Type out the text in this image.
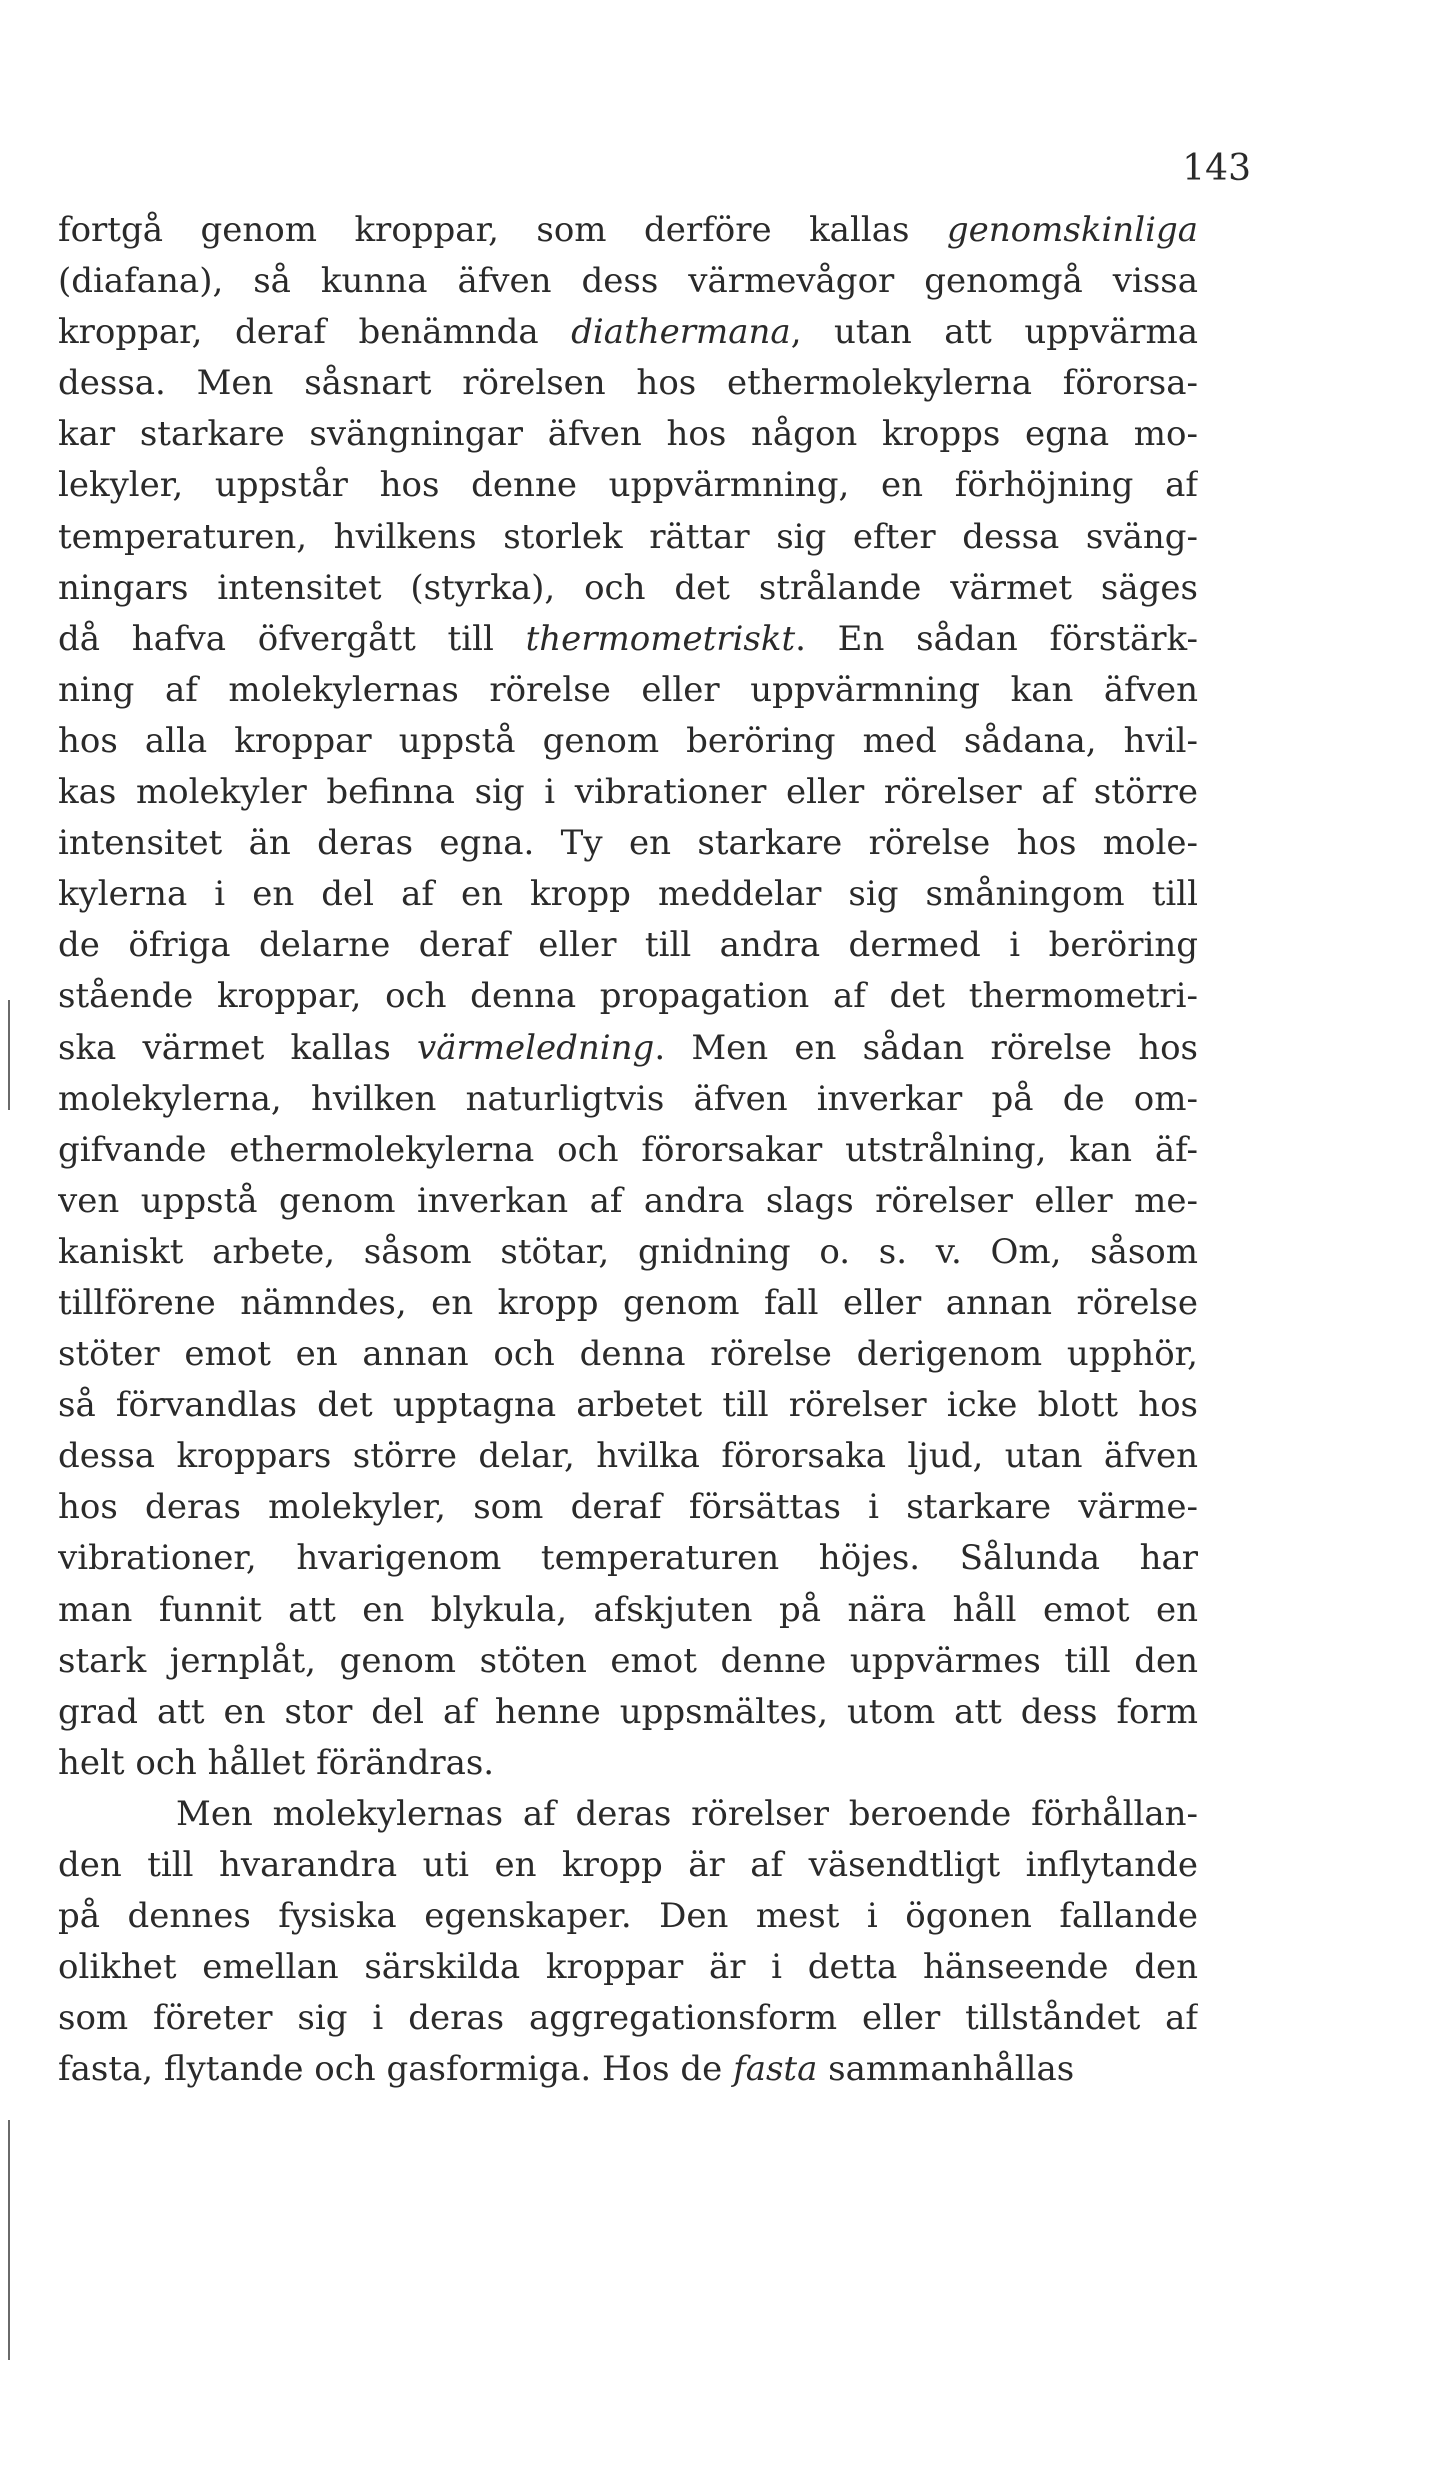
143
fortgå genom kroppar, som derföre kallas genomskinliga
(diafana), så kunna äfven dess värmevågor genomgå vissa
kroppar, deraf benämnda diathermana, utan att uppvärma
dessa. Men såsnart rörelsen hos ethermolekylerna förorsa-
kar starkare svängningar äfven hos någon kropps egna mo-
lekyler, uppstår hos denne uppvärmning, en förhöjning af
temperaturen, hvilkens storlek rättar sig efter dessa sväng-
ningars intensitet (styrka), och det strålande värmet säges
då hafva öfvergått till thermometriskt. En sådan förstärk-
ning af molekylernas rörelse eller uppvärmning kan äfven
hos alla kroppar uppstå genom beröring med sådana, hvil-
kas molekyler befinna sig i vibrationer eller rörelser af större
intensitet än deras egna. Ty en starkare rörelse hos mole-
kylerna i en del af en kropp meddelar sig småningom till
de öfriga delarne deraf eller till andra dermed i beröring
stående kroppar, och denna propagation af det thermometri-
ska värmet kallas värmeledning. Men en sådan rörelse hos
molekylerna, hvilken naturligtvis äfven inverkar på de om-
gifvande ethermolekylerna och förorsakar utstrålning, kan äf-
ven uppstå genom inverkan af andra slags rörelser eller me-
kaniskt arbete, såsom stötar, gnidning o. s. v. Om, såsom
tillförene nämndes, en kropp genom fall eller annan rörelse
stöter emot en annan och denna rörelse derigenom upphör,
så förvandlas det upptagna arbetet till rörelser icke blott hos
dessa kroppars större delar, hvilka förorsaka ljud, utan äfven
hos deras molekyler, som deraf försättas i starkare värme-
vibrationer, hvarigenom temperaturen höjes. Sålunda har
man funnit att en blykula, afskjuten på nära håll emot en
stark jernplåt, genom stöten emot denne uppvärmes till den
grad att en stor del af henne uppsmältes, utom att dess form
helt och hållet förändras.
Men molekylernas af deras rörelser beroende förhållan-
den till hvarandra uti en kropp är af väsendtligt inflytande
på dennes fysiska egenskaper. Den mest i ögonen fallande
olikhet emellan särskilda kroppar är i detta hänseende den
som företer sig i deras aggregationsform eller tillståndet af
fasta, flytande och gasformiga. Hos de fasta sammanhållas
